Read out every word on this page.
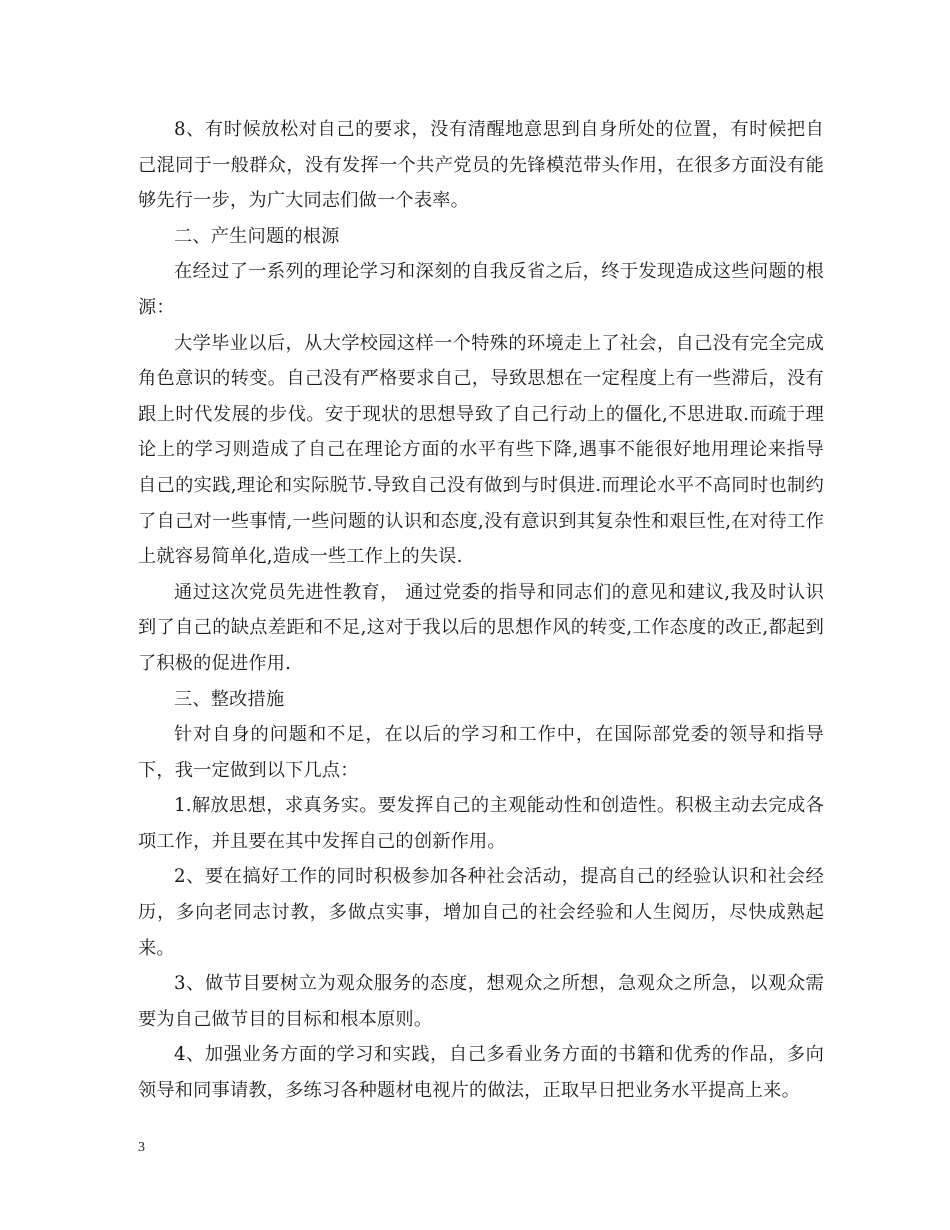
8、有时候放松对自己的要求，没有清醒地意思到自身所处的位置，有时候把自己混同于一般群众，没有发挥一个共产党员的先锋模范带头作用，在很多方面没有能够先行一步，为广大同志们做一个表率。

二、产生问题的根源

在经过了一系列的理论学习和深刻的自我反省之后，终于发现造成这些问题的根源：

大学毕业以后，从大学校园这样一个特殊的环境走上了社会，自己没有完全完成角色意识的转变。自己没有严格要求自己，导致思想在一定程度上有一些滞后，没有跟上时代发展的步伐。安于现状的思想导致了自己行动上的僵化,不思进取.而疏于理论上的学习则造成了自己在理论方面的水平有些下降,遇事不能很好地用理论来指导自己的实践,理论和实际脱节.导致自己没有做到与时俱进.而理论水平不高同时也制约了自己对一些事情,一些问题的认识和态度,没有意识到其复杂性和艰巨性,在对待工作上就容易简单化,造成一些工作上的失误.

通过这次党员先进性教育， 通过党委的指导和同志们的意见和建议,我及时认识到了自己的缺点差距和不足,这对于我以后的思想作风的转变,工作态度的改正,都起到了积极的促进作用.

三、整改措施

针对自身的问题和不足，在以后的学习和工作中，在国际部党委的领导和指导下，我一定做到以下几点：

1.解放思想，求真务实。要发挥自己的主观能动性和创造性。积极主动去完成各项工作，并且要在其中发挥自己的创新作用。

2、要在搞好工作的同时积极参加各种社会活动，提高自己的经验认识和社会经历，多向老同志讨教，多做点实事，增加自己的社会经验和人生阅历，尽快成熟起来。

3、做节目要树立为观众服务的态度，想观众之所想，急观众之所急，以观众需要为自己做节目的目标和根本原则。

4、加强业务方面的学习和实践，自己多看业务方面的书籍和优秀的作品，多向领导和同事请教，多练习各种题材电视片的做法，正取早日把业务水平提高上来。

3
